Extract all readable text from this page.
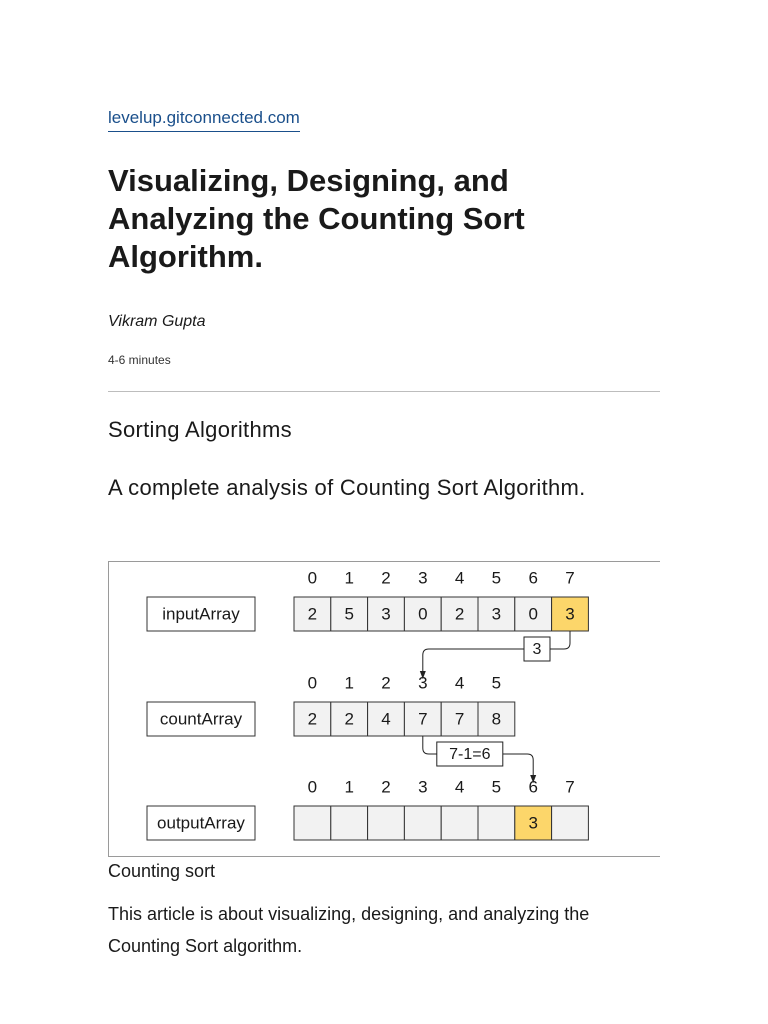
levelup.gitconnected.com
Visualizing, Designing, and Analyzing the Counting Sort Algorithm.

Vikram Gupta

4-6 minutes

Sorting Algorithms
A complete analysis of Counting Sort Algorithm.
inputArray
0 1 2 3 4 5 6 7
2 5 3 0 2 3 0 3
countArray
0 1 2 3 4 5
2 2 4 7 7 8
outputArray
0 1 2 3 4 5 6 7
3
3
7-1=6

Counting sort

This article is about visualizing, designing, and analyzing the Counting Sort algorithm.
